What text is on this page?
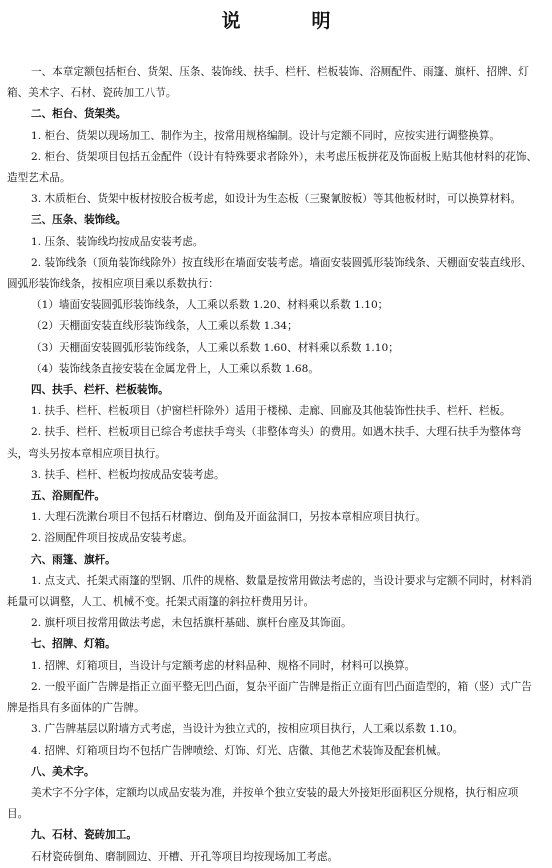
说　明

一、本章定额包括柜台、货架、压条、装饰线、扶手、栏杆、栏板装饰、浴厕配件、雨篷、旗杆、招牌、灯箱、美术字、石材、瓷砖加工八节。

二、柜台、货架类。

1. 柜台、货架以现场加工、制作为主，按常用规格编制。设计与定额不同时，应按实进行调整换算。

2. 柜台、货架项目包括五金配件（设计有特殊要求者除外），未考虑压板拼花及饰面板上贴其他材料的花饰、造型艺术品。

3. 木质柜台、货架中板材按胶合板考虑，如设计为生态板（三聚氰胺板）等其他板材时，可以换算材料。

三、压条、装饰线。

1. 压条、装饰线均按成品安装考虑。

2. 装饰线条（顶角装饰线除外）按直线形在墙面安装考虑。墙面安装圆弧形装饰线条、天棚面安装直线形、圆弧形装饰线条，按相应项目乘以系数执行：

（1）墙面安装圆弧形装饰线条，人工乘以系数 1.20、材料乘以系数 1.10；

（2）天棚面安装直线形装饰线条，人工乘以系数 1.34；

（3）天棚面安装圆弧形装饰线条，人工乘以系数 1.60、材料乘以系数 1.10；

（4）装饰线条直接安装在金属龙骨上，人工乘以系数 1.68。

四、扶手、栏杆、栏板装饰。

1. 扶手、栏杆、栏板项目（护窗栏杆除外）适用于楼梯、走廊、回廊及其他装饰性扶手、栏杆、栏板。

2. 扶手、栏杆、栏板项目已综合考虑扶手弯头（非整体弯头）的费用。如遇木扶手、大理石扶手为整体弯头，弯头另按本章相应项目执行。

3. 扶手、栏杆、栏板均按成品安装考虑。

五、浴厕配件。

1. 大理石洗漱台项目不包括石材磨边、倒角及开面盆洞口，另按本章相应项目执行。

2. 浴厕配件项目按成品安装考虑。

六、雨篷、旗杆。

1. 点支式、托架式雨篷的型钢、爪件的规格、数量是按常用做法考虑的，当设计要求与定额不同时，材料消耗量可以调整，人工、机械不变。托架式雨篷的斜拉杆费用另计。

2. 旗杆项目按常用做法考虑，未包括旗杆基础、旗杆台座及其饰面。

七、招牌、灯箱。

1. 招牌、灯箱项目，当设计与定额考虑的材料品种、规格不同时，材料可以换算。

2. 一般平面广告牌是指正立面平整无凹凸面，复杂平面广告牌是指正立面有凹凸面造型的，箱（竖）式广告牌是指具有多面体的广告牌。

3. 广告牌基层以附墙方式考虑，当设计为独立式的，按相应项目执行，人工乘以系数 1.10。

4. 招牌、灯箱项目均不包括广告牌喷绘、灯饰、灯光、店徽、其他艺术装饰及配套机械。

八、美术字。

美术字不分字体，定额均以成品安装为准，并按单个独立安装的最大外接矩形面积区分规格，执行相应项目。

九、石材、瓷砖加工。

石材瓷砖倒角、磨制圆边、开槽、开孔等项目均按现场加工考虑。
